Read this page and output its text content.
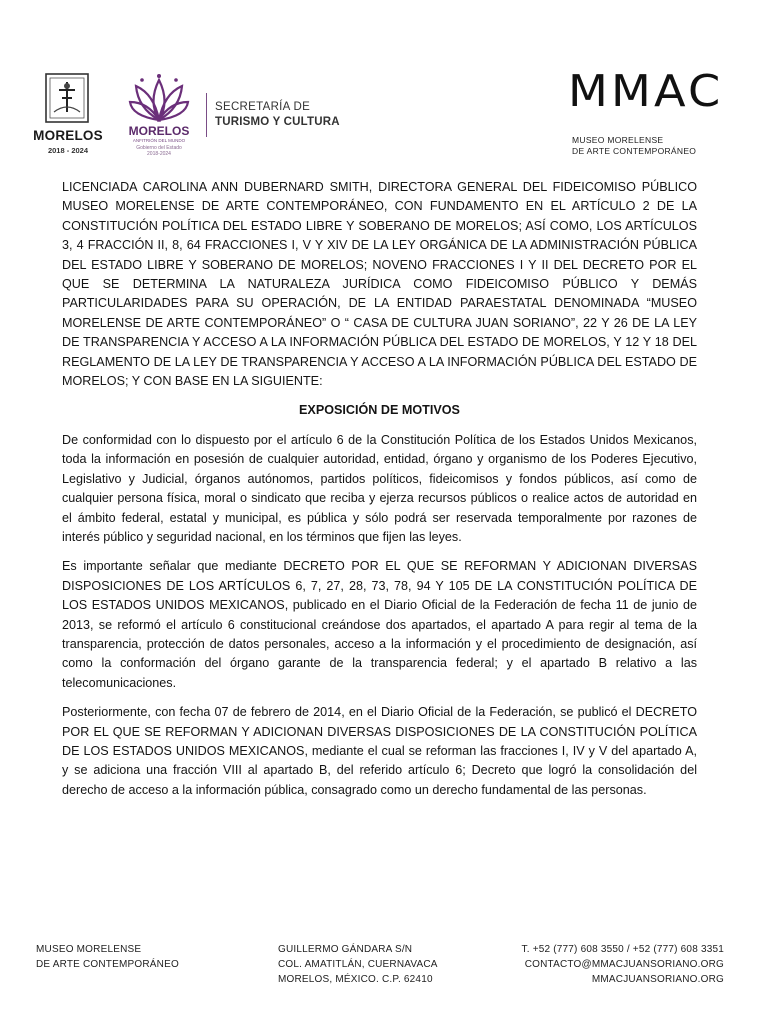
MORELOS
2018 - 2024
MORELOS
ANFITRIÓN DEL MUNDO
Gobierno del Estado
2018-2024
SECRETARÍA DE
TURISMO Y CULTURA
MMAC
MUSEO MORELENSE
DE ARTE CONTEMPORÁNEO

LICENCIADA CAROLINA ANN DUBERNARD SMITH, DIRECTORA GENERAL DEL FIDEICOMISO PÚBLICO MUSEO MORELENSE DE ARTE CONTEMPORÁNEO, CON FUNDAMENTO EN EL ARTÍCULO 2 DE LA CONSTITUCIÓN POLÍTICA DEL ESTADO LIBRE Y SOBERANO DE MORELOS; ASÍ COMO, LOS ARTÍCULOS 3, 4 FRACCIÓN II, 8, 64 FRACCIONES I, V Y XIV DE LA LEY ORGÁNICA DE LA ADMINISTRACIÓN PÚBLICA DEL ESTADO LIBRE Y SOBERANO DE MORELOS; NOVENO FRACCIONES I Y II DEL DECRETO POR EL QUE SE DETERMINA LA NATURALEZA JURÍDICA COMO FIDEICOMISO PÚBLICO Y DEMÁS PARTICULARIDADES PARA SU OPERACIÓN, DE LA ENTIDAD PARAESTATAL DENOMINADA “MUSEO MORELENSE DE ARTE CONTEMPORÁNEO” O “ CASA DE CULTURA JUAN SORIANO”, 22 Y 26 DE LA LEY DE TRANSPARENCIA Y ACCESO A LA INFORMACIÓN PÚBLICA DEL ESTADO DE MORELOS, Y 12 Y 18 DEL REGLAMENTO DE LA LEY DE TRANSPARENCIA Y ACCESO A LA INFORMACIÓN PÚBLICA DEL ESTADO DE MORELOS; Y CON BASE EN LA SIGUIENTE:

EXPOSICIÓN DE MOTIVOS

De conformidad con lo dispuesto por el artículo 6 de la Constitución Política de los Estados Unidos Mexicanos, toda la información en posesión de cualquier autoridad, entidad, órgano y organismo de los Poderes Ejecutivo, Legislativo y Judicial, órganos autónomos, partidos políticos, fideicomisos y fondos públicos, así como de cualquier persona física, moral o sindicato que reciba y ejerza recursos públicos o realice actos de autoridad en el ámbito federal, estatal y municipal, es pública y sólo podrá ser reservada temporalmente por razones de interés público y seguridad nacional, en los términos que fijen las leyes.

Es importante señalar que mediante DECRETO POR EL QUE SE REFORMAN Y ADICIONAN DIVERSAS DISPOSICIONES DE LOS ARTÍCULOS 6, 7, 27, 28, 73, 78, 94 Y 105 DE LA CONSTITUCIÓN POLÍTICA DE LOS ESTADOS UNIDOS MEXICANOS, publicado en el Diario Oficial de la Federación de fecha 11 de junio de 2013, se reformó el artículo 6 constitucional creándose dos apartados, el apartado A para regir al tema de la transparencia, protección de datos personales, acceso a la información y el procedimiento de designación, así como la conformación del órgano garante de la transparencia federal; y el apartado B relativo a las telecomunicaciones.

Posteriormente, con fecha 07 de febrero de 2014, en el Diario Oficial de la Federación, se publicó el DECRETO POR EL QUE SE REFORMAN Y ADICIONAN DIVERSAS DISPOSICIONES DE LA CONSTITUCIÓN POLÍTICA DE LOS ESTADOS UNIDOS MEXICANOS, mediante el cual se reforman las fracciones I, IV y V del apartado A, y se adiciona una fracción VIII al apartado B, del referido artículo 6; Decreto que logró la consolidación del derecho de acceso a la información pública, consagrado como un derecho fundamental de las personas.

MUSEO MORELENSE
DE ARTE CONTEMPORÁNEO
GUILLERMO GÁNDARA S/N
COL. AMATITLÁN, CUERNAVACA
MORELOS, MÉXICO. C.P. 62410
T. +52 (777) 608 3550 / +52 (777) 608 3351
CONTACTO@MMACJUANSORIANO.ORG
MMACJUANSORIANO.ORG
